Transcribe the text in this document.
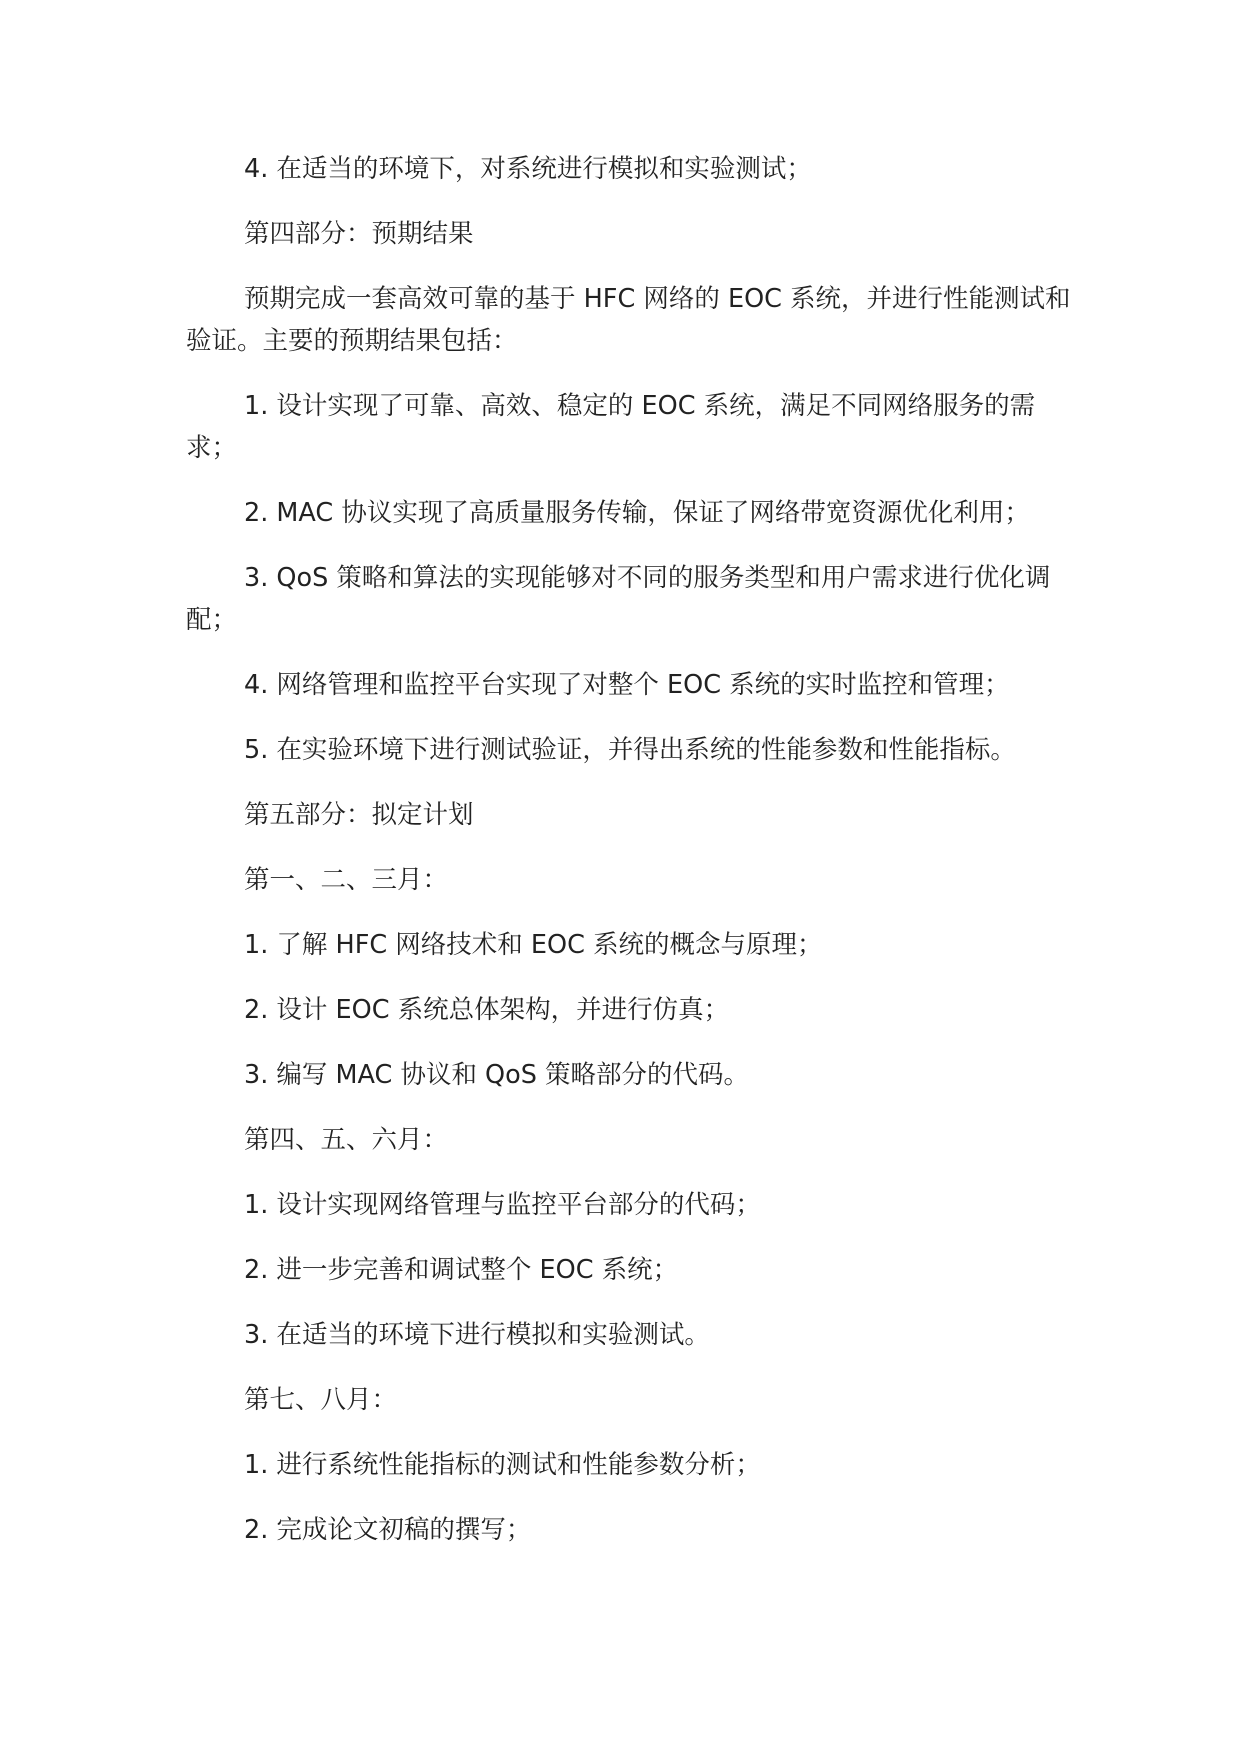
4. 在适当的环境下，对系统进行模拟和实验测试；

第四部分：预期结果

预期完成一套高效可靠的基于 HFC 网络的 EOC 系统，并进行性能测试和验证。主要的预期结果包括：

1. 设计实现了可靠、高效、稳定的 EOC 系统，满足不同网络服务的需求；

2. MAC 协议实现了高质量服务传输，保证了网络带宽资源优化利用；

3. QoS 策略和算法的实现能够对不同的服务类型和用户需求进行优化调配；

4. 网络管理和监控平台实现了对整个 EOC 系统的实时监控和管理；

5. 在实验环境下进行测试验证，并得出系统的性能参数和性能指标。

第五部分：拟定计划

第一、二、三月：

1. 了解 HFC 网络技术和 EOC 系统的概念与原理；

2. 设计 EOC 系统总体架构，并进行仿真；

3. 编写 MAC 协议和 QoS 策略部分的代码。

第四、五、六月：

1. 设计实现网络管理与监控平台部分的代码；

2. 进一步完善和调试整个 EOC 系统；

3. 在适当的环境下进行模拟和实验测试。

第七、八月：

1. 进行系统性能指标的测试和性能参数分析；

2. 完成论文初稿的撰写；
